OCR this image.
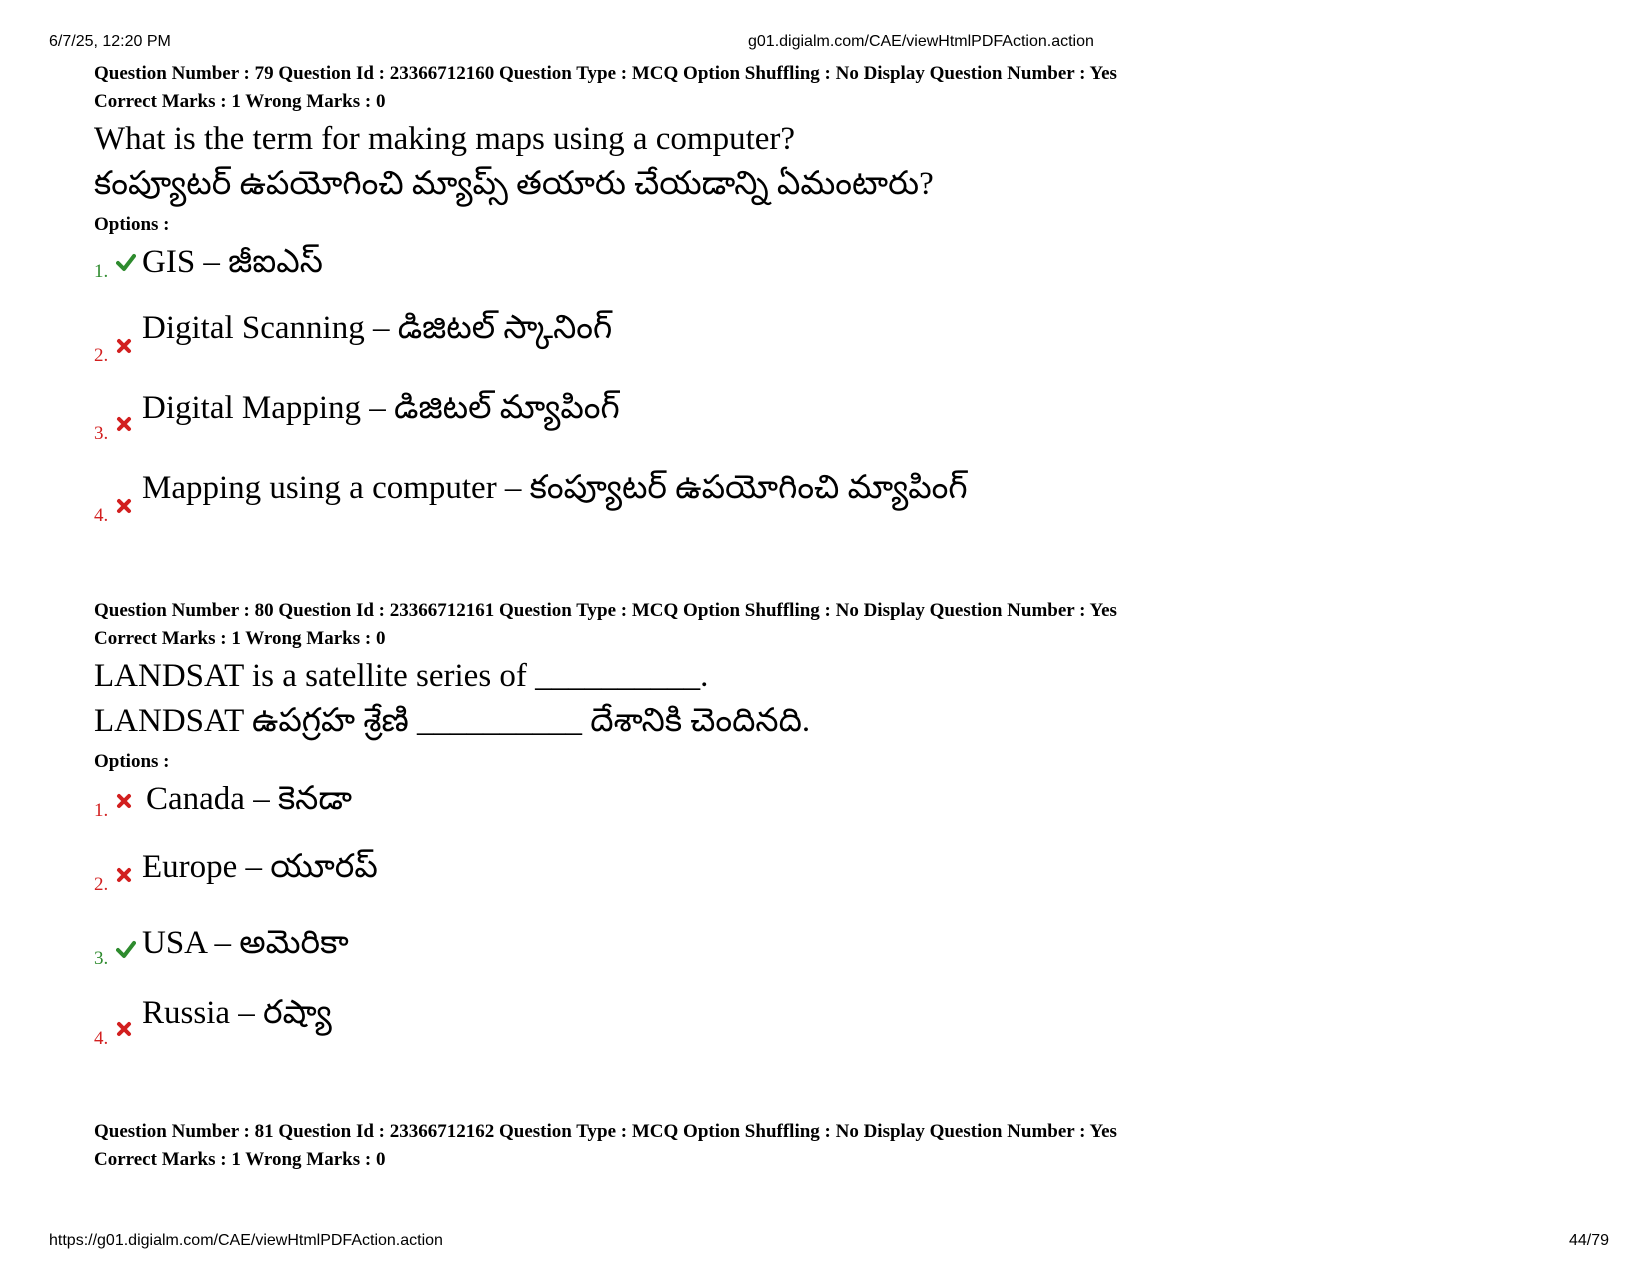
6/7/25, 12:20 PM	g01.digialm.com/CAE/viewHtmlPDFAction.action
Question Number : 79 Question Id : 23366712160 Question Type : MCQ Option Shuffling : No Display Question Number : Yes
Correct Marks : 1 Wrong Marks : 0
What is the term for making maps using a computer?
కంప్యూటర్ ఉపయోగించి మ్యాప్స్ తయారు చేయడాన్ని ఏమంటారు?
Options :
1. GIS – జీఐఎస్
2.
Digital Scanning – డిజిటల్ స్కానింగ్
3.
Digital Mapping – డిజిటల్ మ్యాపింగ్
4.
Mapping using a computer – కంప్యూటర్ ఉపయోగించి మ్యాపింగ్
Question Number : 80 Question Id : 23366712161 Question Type : MCQ Option Shuffling : No Display Question Number : Yes
Correct Marks : 1 Wrong Marks : 0
LANDSAT is a satellite series of __________.
LANDSAT ఉపగ్రహ శ్రేణి __________ దేశానికి చెందినది.
Options :
1. Canada – కెనడా
2. Europe – యూరప్
3. USA – అమెరికా
4.
Russia – రష్యా
Question Number : 81 Question Id : 23366712162 Question Type : MCQ Option Shuffling : No Display Question Number : Yes
Correct Marks : 1 Wrong Marks : 0
https://g01.digialm.com/CAE/viewHtmlPDFAction.action	44/79
